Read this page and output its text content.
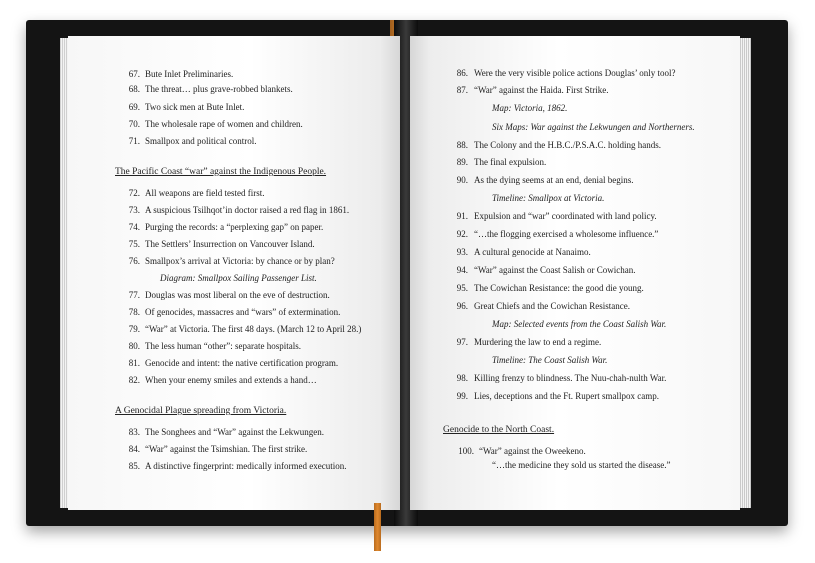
67. Bute Inlet Preliminaries.
68. The threat… plus grave-robbed blankets.
69. Two sick men at Bute Inlet.
70. The wholesale rape of women and children.
71. Smallpox and political control.
The Pacific Coast “war” against the Indigenous People.
72. All weapons are field tested first.
73. A suspicious Tsilhqot’in doctor raised a red flag in 1861.
74. Purging the records: a “perplexing gap” on paper.
75. The Settlers’ Insurrection on Vancouver Island.
76. Smallpox’s arrival at Victoria: by chance or by plan?
Diagram: Smallpox Sailing Passenger List.
77. Douglas was most liberal on the eve of destruction.
78. Of genocides, massacres and “wars” of extermination.
79. “War” at Victoria. The first 48 days. (March 12 to April 28.)
80. The less human “other”: separate hospitals.
81. Genocide and intent: the native certification program.
82. When your enemy smiles and extends a hand…
A Genocidal Plague spreading from Victoria.
83. The Songhees and “War” against the Lekwungen.
84. “War” against the Tsimshian. The first strike.
85. A distinctive fingerprint: medically informed execution.
86. Were the very visible police actions Douglas’ only tool?
87. “War” against the Haida. First Strike.
Map: Victoria, 1862.
Six Maps: War against the Lekwungen and Northerners.
88. The Colony and the H.B.C./P.S.A.C. holding hands.
89. The final expulsion.
90. As the dying seems at an end, denial begins.
Timeline: Smallpox at Victoria.
91. Expulsion and “war” coordinated with land policy.
92. “…the flogging exercised a wholesome influence.”
93. A cultural genocide at Nanaimo.
94. “War” against the Coast Salish or Cowichan.
95. The Cowichan Resistance: the good die young.
96. Great Chiefs and the Cowichan Resistance.
Map: Selected events from the Coast Salish War.
97. Murdering the law to end a regime.
Timeline: The Coast Salish War.
98. Killing frenzy to blindness. The Nuu-chah-nulth War.
99. Lies, deceptions and the Ft. Rupert smallpox camp.
Genocide to the North Coast.
100. “War” against the Oweekeno.
“…the medicine they sold us started the disease.”
